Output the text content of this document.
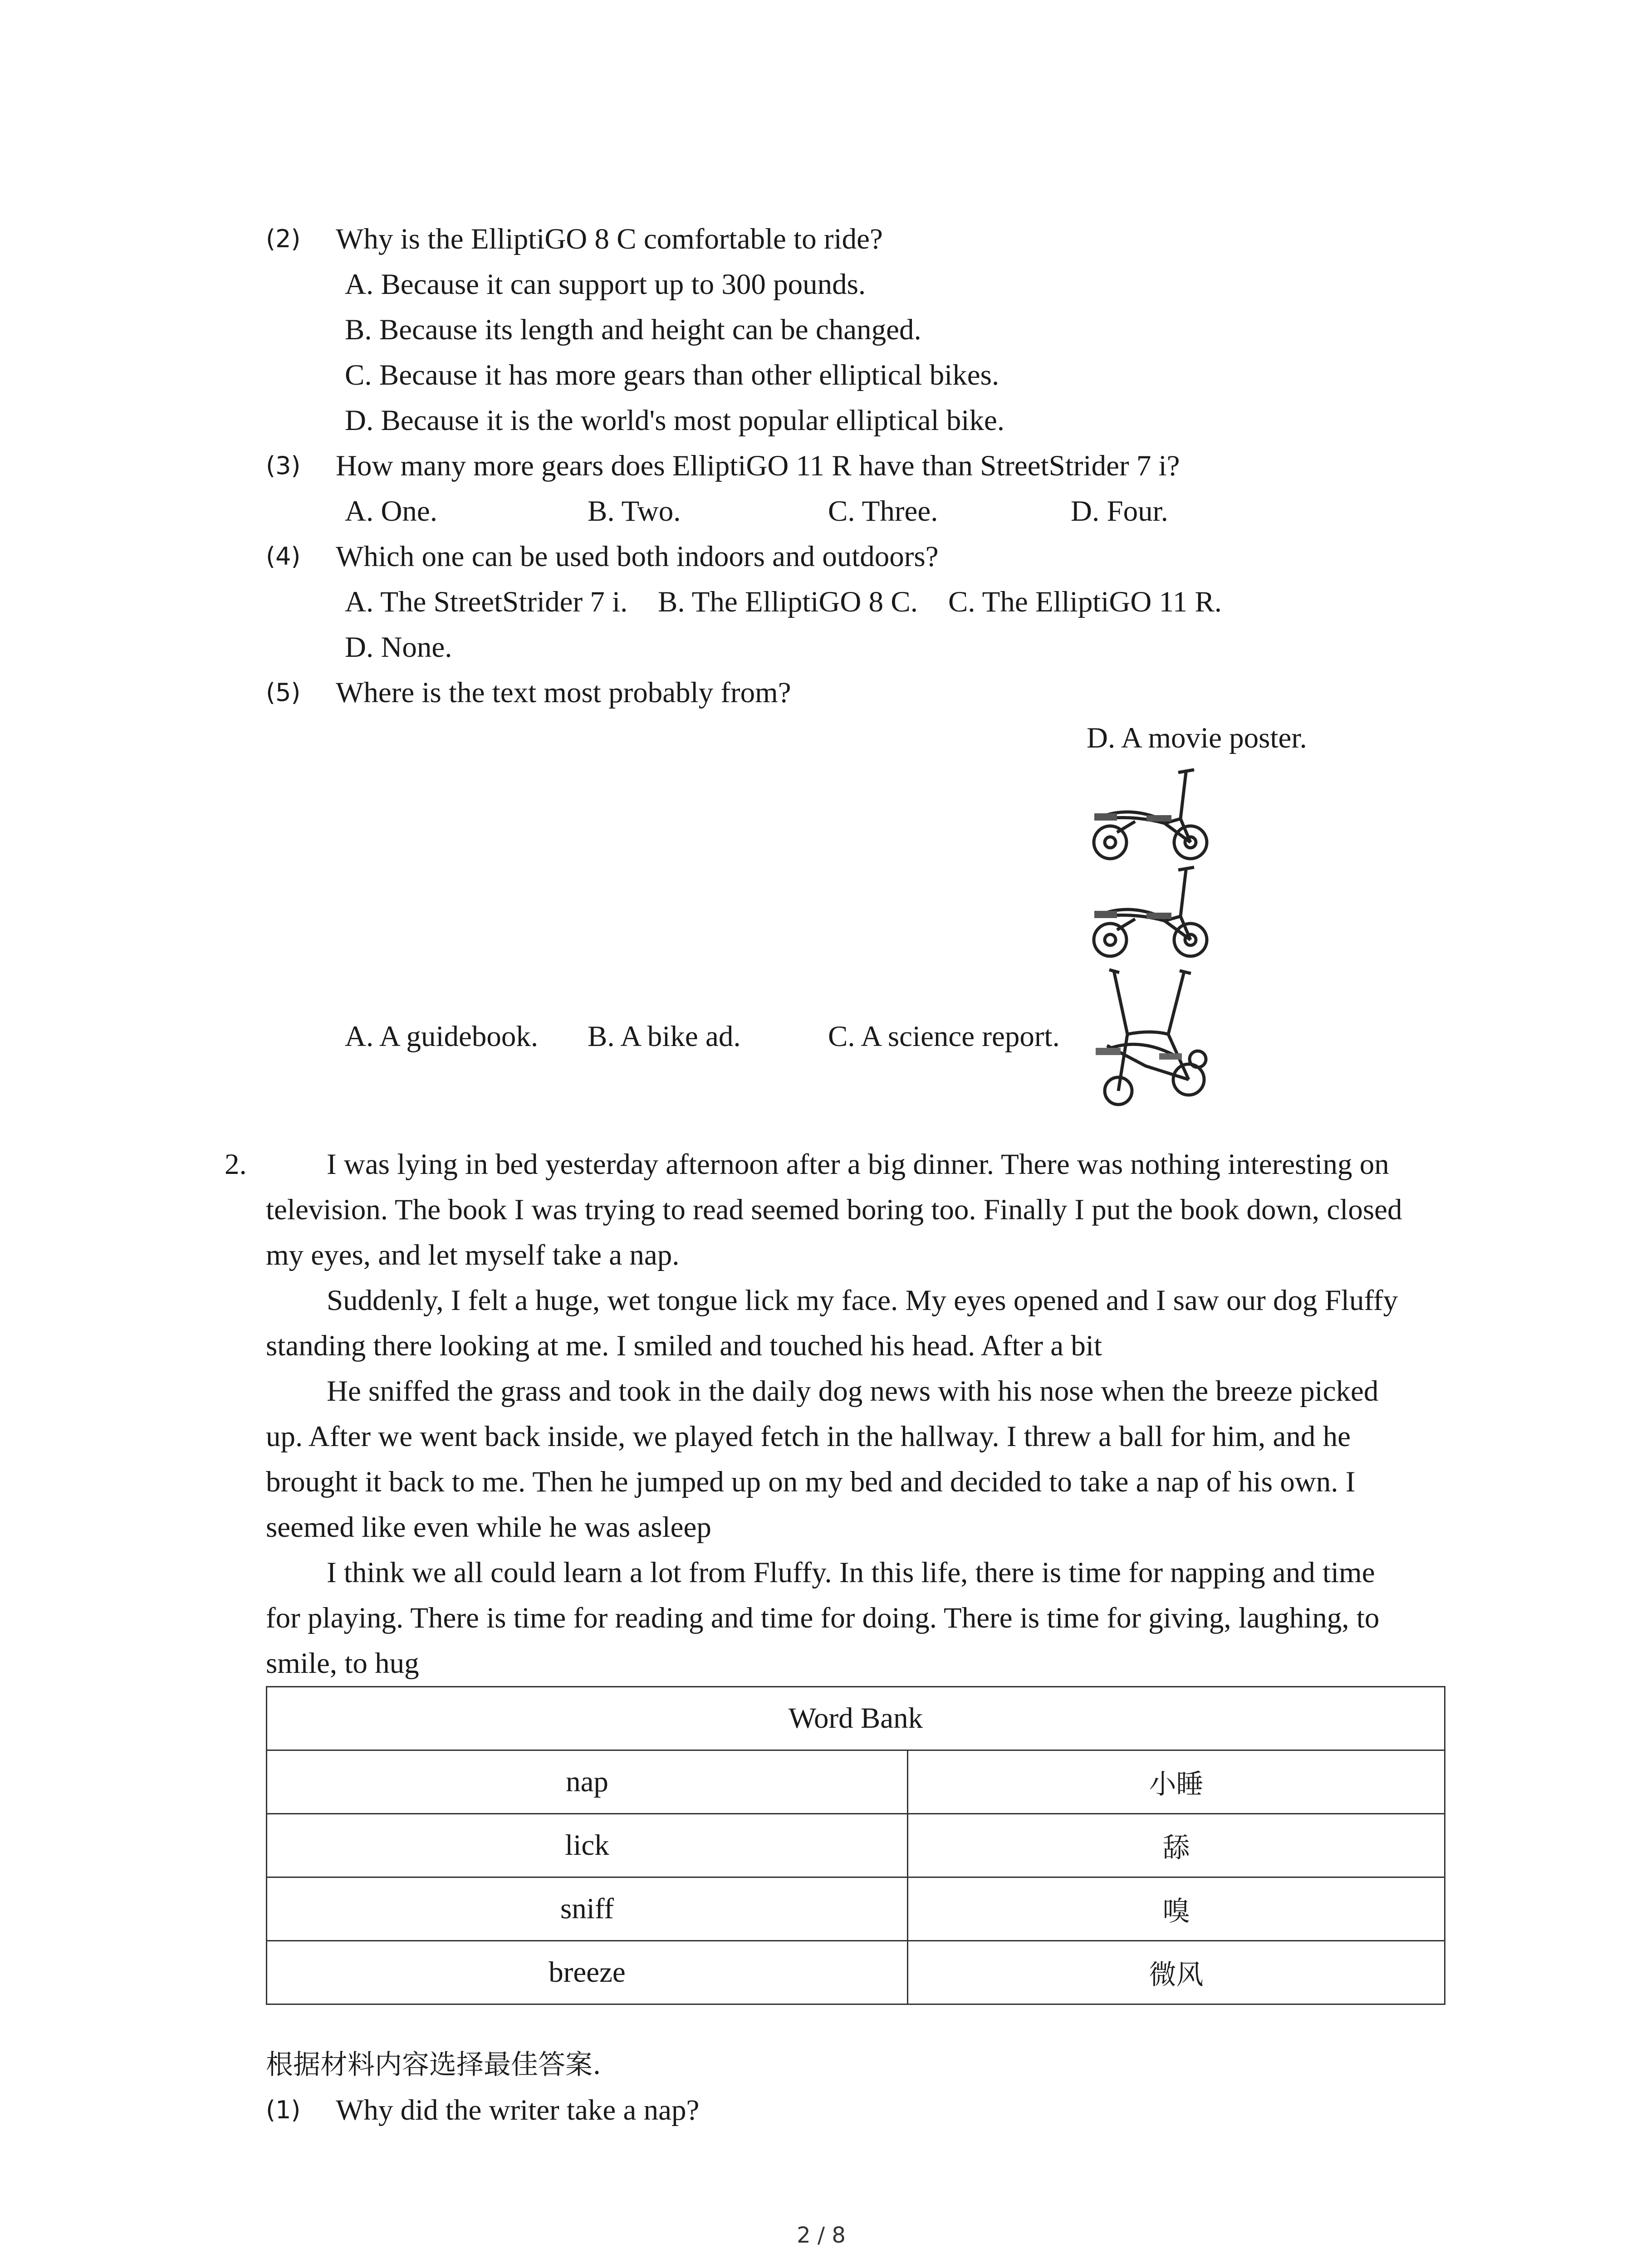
(2) Why is the ElliptiGO 8 C comfortable to ride?
A. Because it can support up to 300 pounds.
B. Because its length and height can be changed.
C. Because it has more gears than other elliptical bikes.
D. Because it is the world's most popular elliptical bike.
(3) How many more gears does ElliptiGO 11 R have than StreetStrider 7 i?
A. One.	B. Two.	C. Three.	D. Four.
(4) Which one can be used both indoors and outdoors?
A. The StreetStrider 7 i. B. The ElliptiGO 8 C. C. The ElliptiGO 11 R.
D. None.
(5) Where is the text most probably from?
D. A movie poster.
A. A guidebook. B. A bike ad.	C. A science report.
2.	I was lying in bed yesterday afternoon after a big dinner. There was nothing interesting on
television. The book I was trying to read seemed boring too. Finally I put the book down, closed
my eyes, and let myself take a nap.
Suddenly, I felt a huge, wet tongue lick my face. My eyes opened and I saw our dog Fluffy
standing there looking at me. I smiled and touched his head. After a bit
He sniffed the grass and took in the daily dog news with his nose when the breeze picked
up. After we went back inside, we played fetch in the hallway. I threw a ball for him, and he
brought it back to me. Then he jumped up on my bed and decided to take a nap of his own. I
seemed like even while he was asleep
I think we all could learn a lot from Fluffy. In this life, there is time for napping and time
for playing. There is time for reading and time for doing. There is time for giving, laughing, to
smile, to hug
Word Bank	
nap	小睡
lick	舔
sniff	嗅
breeze	微风
根据材料内容选择最佳答案.
(1) Why did the writer take a nap?
2 / 8
